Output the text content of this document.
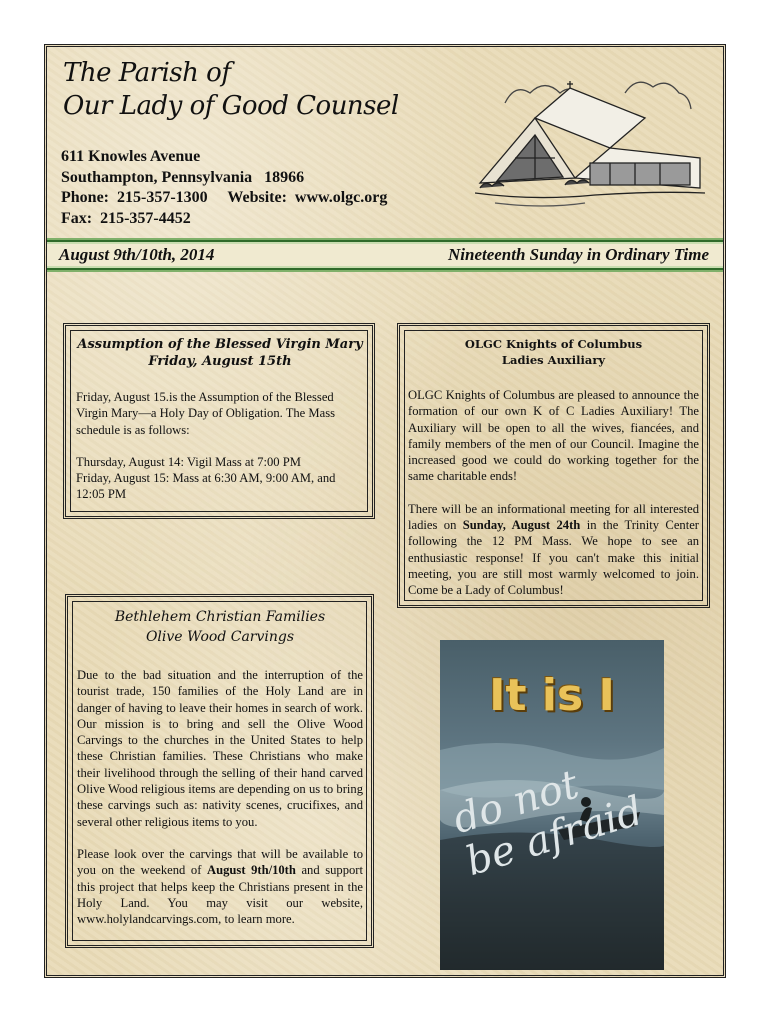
The Parish of
Our Lady of Good Counsel
611 Knowles Avenue
Southampton, Pennsylvania   18966
Phone:  215-357-1300     Website:  www.olgc.org
Fax:  215-357-4452
August 9th/10th, 2014	Nineteenth Sunday in Ordinary Time
Assumption of the Blessed Virgin Mary
Friday, August 15th

Friday, August 15.is the Assumption of the Blessed Virgin Mary—a Holy Day of Obligation. The Mass schedule is as follows:

Thursday, August 14: Vigil Mass at 7:00 PM
Friday, August 15: Mass at 6:30 AM, 9:00 AM, and 12:05 PM
OLGC Knights of Columbus
Ladies Auxiliary

OLGC Knights of Columbus are pleased to announce the formation of our own K of C Ladies Auxiliary! The Auxiliary will be open to all the wives, fiancées, and family members of the men of our Council. Imagine the increased good we could do working together for the same charitable ends!

There will be an informational meeting for all interested ladies on Sunday, August 24th in the Trinity Center following the 12 PM Mass. We hope to see an enthusiastic response! If you can't make this initial meeting, you are still most warmly welcomed to join. Come be a Lady of Columbus!

Bethlehem Christian Families
Olive Wood Carvings

Due to the bad situation and the interruption of the tourist trade, 150 families of the Holy Land are in danger of having to leave their homes in search of work. Our mission is to bring and sell the Olive Wood Carvings to the churches in the United States to help these Christian families. These Christians who make their livelihood through the selling of their hand carved Olive Wood religious items are depending on us to bring these carvings such as: nativity scenes, crucifixes, and several other religious items to you.

Please look over the carvings that will be available to you on the weekend of August 9th/10th and support this project that helps keep the Christians present in the Holy Land. You may visit our website, www.holylandcarvings.com, to learn more.

It is I
do not
be afraid
